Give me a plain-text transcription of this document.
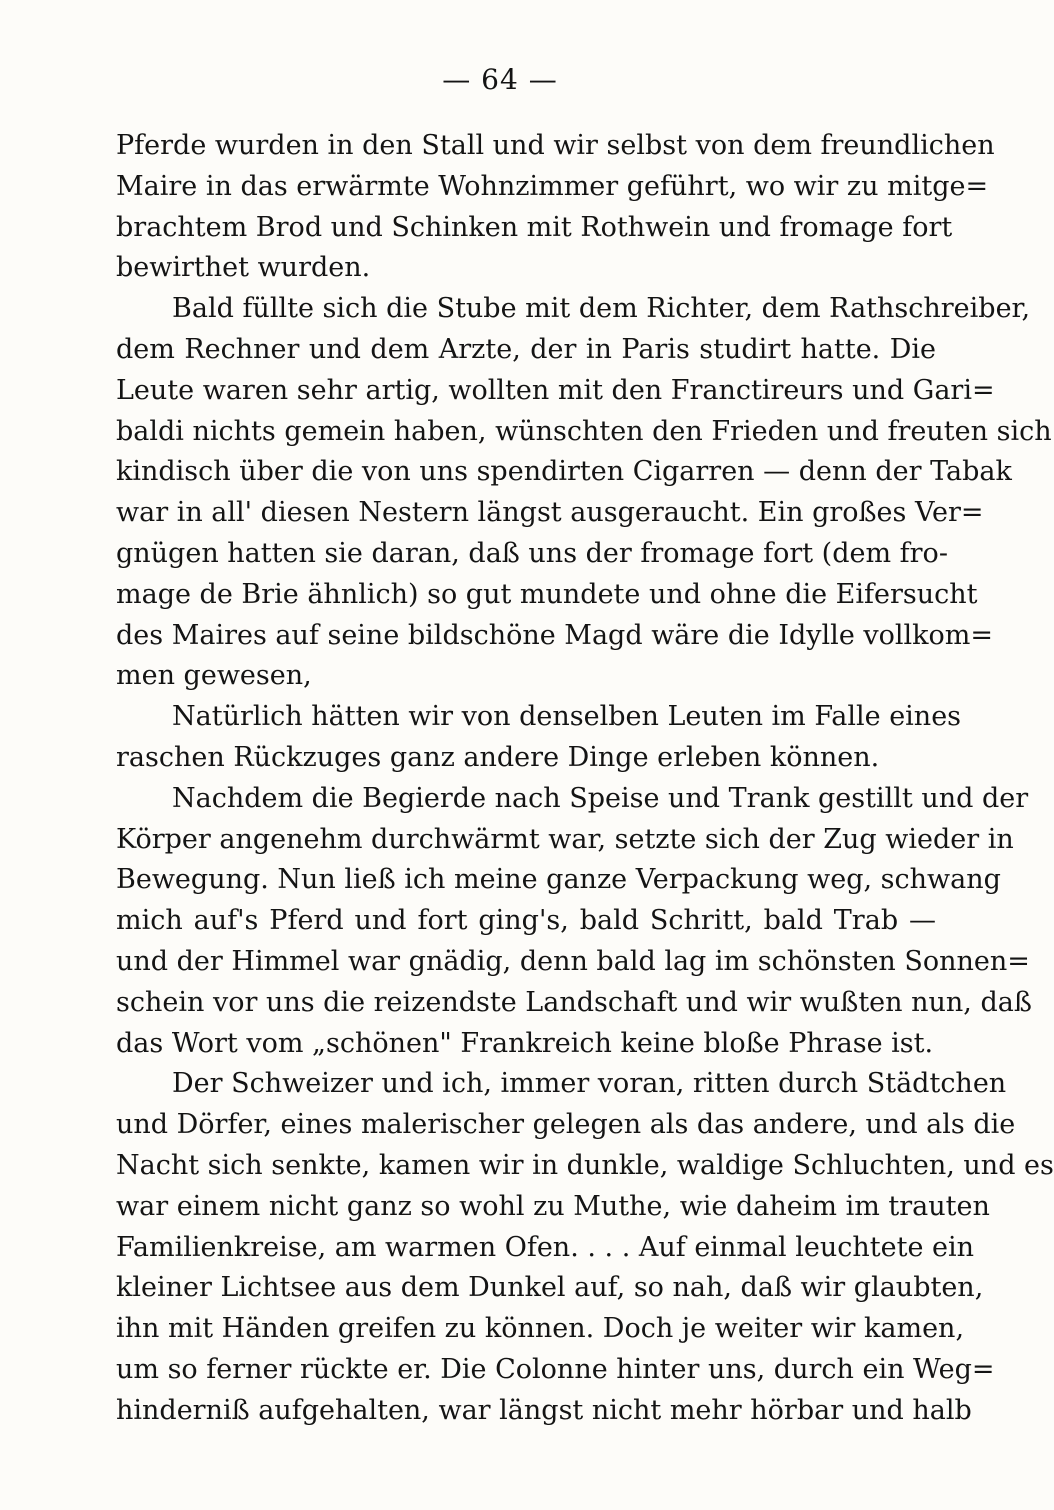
— 64 —
Pferde wurden in den Stall und wir selbst von dem freundlichen
Maire in das erwärmte Wohnzimmer geführt, wo wir zu mitge=
brachtem Brod und Schinken mit Rothwein und fromage fort
bewirthet wurden.
Bald füllte sich die Stube mit dem Richter, dem Rathschreiber,
dem Rechner und dem Arzte, der in Paris studirt hatte. Die
Leute waren sehr artig, wollten mit den Franctireurs und Gari=
baldi nichts gemein haben, wünschten den Frieden und freuten sich
kindisch über die von uns spendirten Cigarren — denn der Tabak
war in all' diesen Nestern längst ausgeraucht. Ein großes Ver=
gnügen hatten sie daran, daß uns der fromage fort (dem fro-
mage de Brie ähnlich) so gut mundete und ohne die Eifersucht
des Maires auf seine bildschöne Magd wäre die Idylle vollkom=
men gewesen,
Natürlich hätten wir von denselben Leuten im Falle eines
raschen Rückzuges ganz andere Dinge erleben können.
Nachdem die Begierde nach Speise und Trank gestillt und der
Körper angenehm durchwärmt war, setzte sich der Zug wieder in
Bewegung. Nun ließ ich meine ganze Verpackung weg, schwang
mich auf's Pferd und fort ging's, bald Schritt, bald Trab —
und der Himmel war gnädig, denn bald lag im schönsten Sonnen=
schein vor uns die reizendste Landschaft und wir wußten nun, daß
das Wort vom „schönen" Frankreich keine bloße Phrase ist.
Der Schweizer und ich, immer voran, ritten durch Städtchen
und Dörfer, eines malerischer gelegen als das andere, und als die
Nacht sich senkte, kamen wir in dunkle, waldige Schluchten, und es
war einem nicht ganz so wohl zu Muthe, wie daheim im trauten
Familienkreise, am warmen Ofen. . . . Auf einmal leuchtete ein
kleiner Lichtsee aus dem Dunkel auf, so nah, daß wir glaubten,
ihn mit Händen greifen zu können. Doch je weiter wir kamen,
um so ferner rückte er. Die Colonne hinter uns, durch ein Weg=
hinderniß aufgehalten, war längst nicht mehr hörbar und halb
